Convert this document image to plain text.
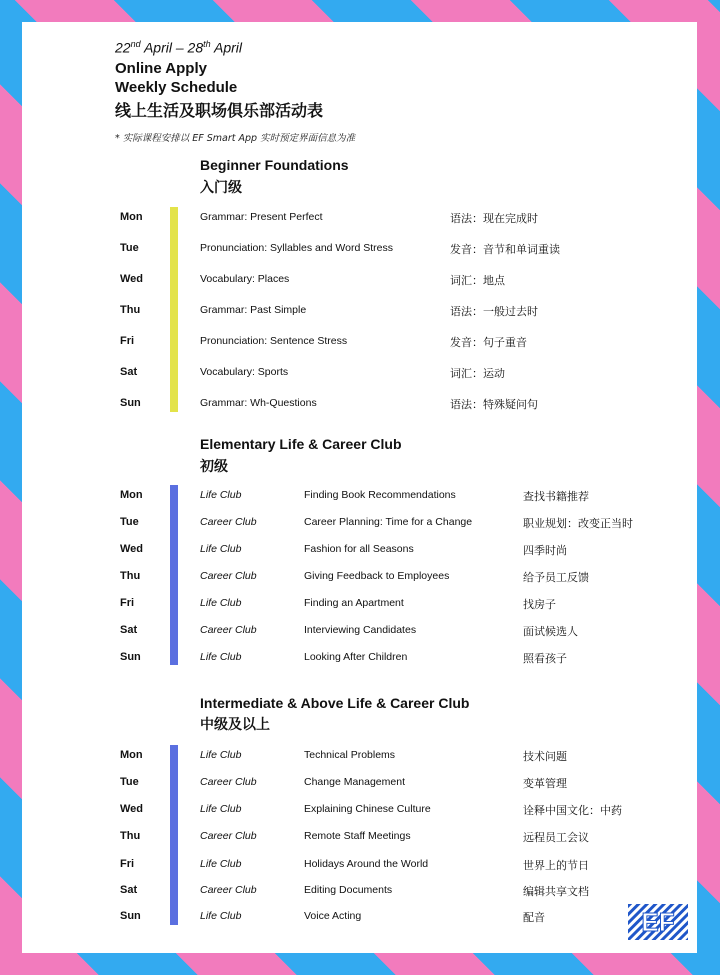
22nd April – 28th April
Online Apply
Weekly Schedule
线上生活及职场俱乐部活动表
* 实际课程安排以 EF Smart App 实时预定界面信息为准
Beginner Foundations
入门级
Mon	Grammar: Present Perfect	语法：现在完成时
Tue	Pronunciation: Syllables and Word Stress	发音：音节和单词重读
Wed	Vocabulary: Places	词汇：地点
Thu	Grammar: Past Simple	语法：一般过去时
Fri	Pronunciation: Sentence Stress	发音：句子重音
Sat	Vocabulary: Sports	词汇：运动
Sun	Grammar: Wh-Questions	语法：特殊疑问句
Elementary Life & Career Club
初级
Mon	Life Club	Finding Book Recommendations	查找书籍推荐
Tue	Career Club	Career Planning: Time for a Change	职业规划：改变正当时
Wed	Life Club	Fashion for all Seasons	四季时尚
Thu	Career Club	Giving Feedback to Employees	给予员工反馈
Fri	Life Club	Finding an Apartment	找房子
Sat	Career Club	Interviewing Candidates	面试候选人
Sun	Life Club	Looking After Children	照看孩子
Intermediate & Above Life & Career Club
中级及以上
Mon	Life Club	Technical Problems	技术问题
Tue	Career Club	Change Management	变革管理
Wed	Life Club	Explaining Chinese Culture	诠释中国文化：中药
Thu	Career Club	Remote Staff Meetings	远程员工会议
Fri	Life Club	Holidays Around the World	世界上的节日
Sat	Career Club	Editing Documents	编辑共享文档
Sun	Life Club	Voice Acting	配音	EF
